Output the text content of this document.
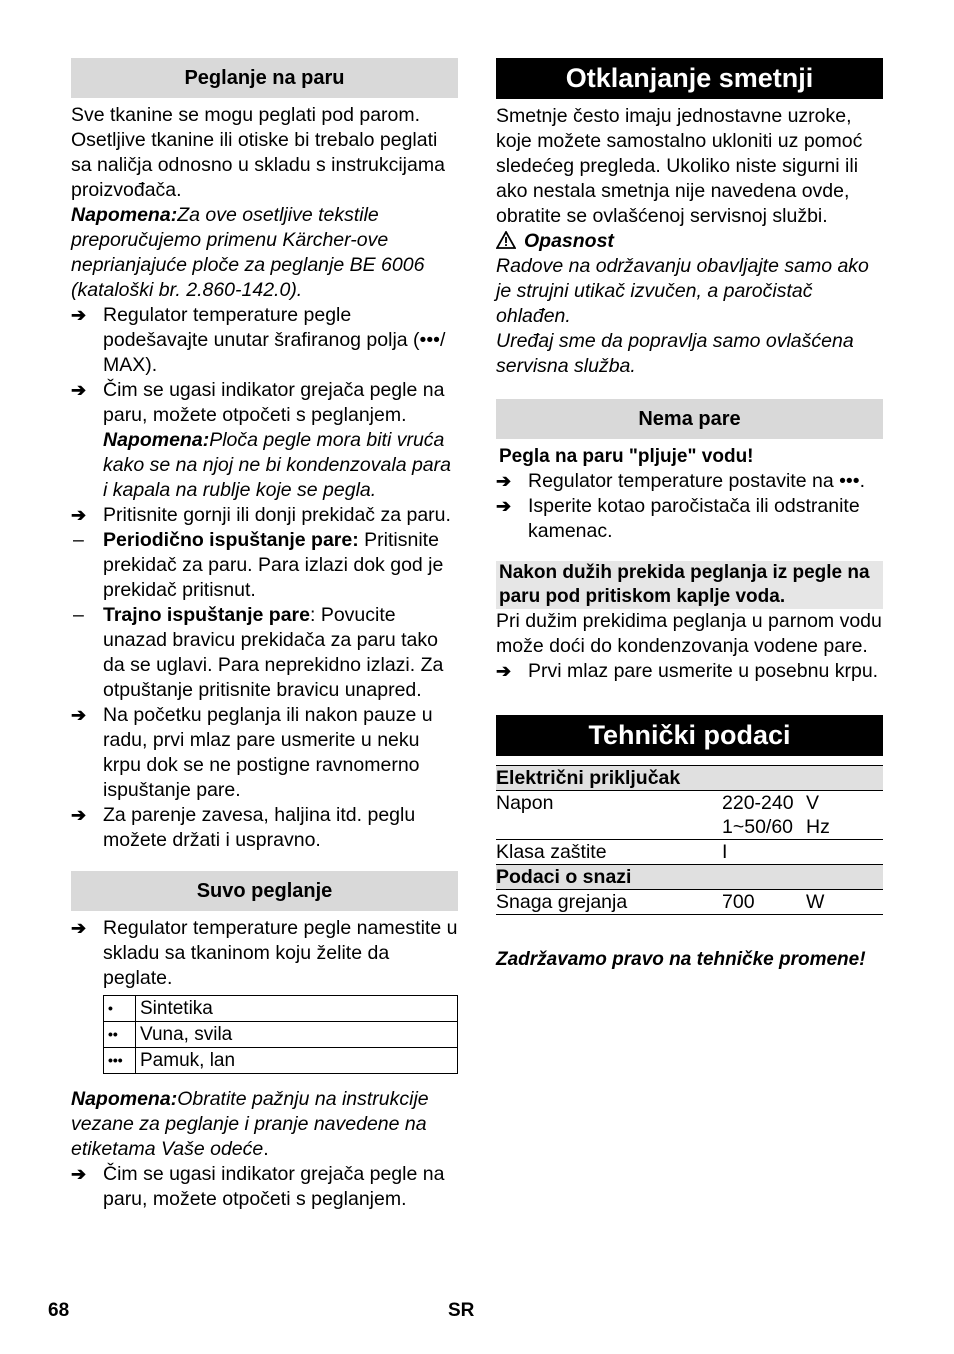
Peglanje na paru

Sve tkanine se mogu peglati pod parom. Osetljive tkanine ili otiske bi trebalo peglati sa naličja odnosno u skladu s instrukcijama proizvođača.

Napomena:Za ove osetljive tekstile preporučujemo primenu Kärcher-ove neprianjajuće ploče za peglanje BE 6006 (kataloški br. 2.860-142.0).

➔ Regulator temperature pegle podešavajte unutar šrafiranog polja (•••/ MAX).
➔ Čim se ugasi indikator grejača pegle na paru, možete otpočeti s peglanjem.

Napomena:Ploča pegle mora biti vruća kako se na njoj ne bi kondenzovala para i kapala na rublje koje se pegla.

➔ Pritisnite gornji ili donji prekidač za paru.
– Periodično ispuštanje pare: Pritisnite prekidač za paru. Para izlazi dok god je prekidač pritisnut.
– Trajno ispuštanje pare: Povucite unazad bravicu prekidača za paru tako da se uglavi. Para neprekidno izlazi. Za otpuštanje pritisnite bravicu unapred.
➔ Na početku peglanja ili nakon pauze u radu, prvi mlaz pare usmerite u neku krpu dok se ne postigne ravnomerno ispuštanje pare.
➔ Za parenje zavesa, haljina itd. peglu možete držati i uspravno.
Suvo peglanje
➔ Regulator temperature pegle namestite u skladu sa tkaninom koju želite da peglate.
•	Sintetika
••	Vuna, svila
•••	Pamuk, lan

Napomena:Obratite pažnju na instrukcije vezane za peglanje i pranje navedene na etiketama Vaše odeće.

➔ Čim se ugasi indikator grejača pegle na paru, možete otpočeti s peglanjem.
Otklanjanje smetnji

Smetnje često imaju jednostavne uzroke, koje možete samostalno ukloniti uz pomoć sledećeg pregleda. Ukoliko niste sigurni ili ako nestala smetnja nije navedena ovde, obratite se ovlašćenoj servisnoj službi.

Opasnost

Radove na održavanju obavljajte samo ako je strujni utikač izvučen, a paročistač ohlađen.

Uređaj sme da popravlja samo ovlašćena servisna služba.

Nema pare

Pegla na paru "pljuje" vodu!

➔ Regulator temperature postavite na •••.
➔ Isperite kotao paročistača ili odstranite kamenac.
Nakon dužih prekida peglanja iz pegle na paru pod pritiskom kaplje voda.

Pri dužim prekidima peglanja u parnom vodu može doći do kondenzovanja vodene pare.

➔ Prvi mlaz pare usmerite u posebnu krpu.
Tehnički podaci
Električni priključak		
Napon	220-240	V
	1~50/60	Hz
Klasa zaštite	I	
Podaci o snazi		
Snaga grejanja	700	W

Zadržavamo pravo na tehničke promene!

68	SR
